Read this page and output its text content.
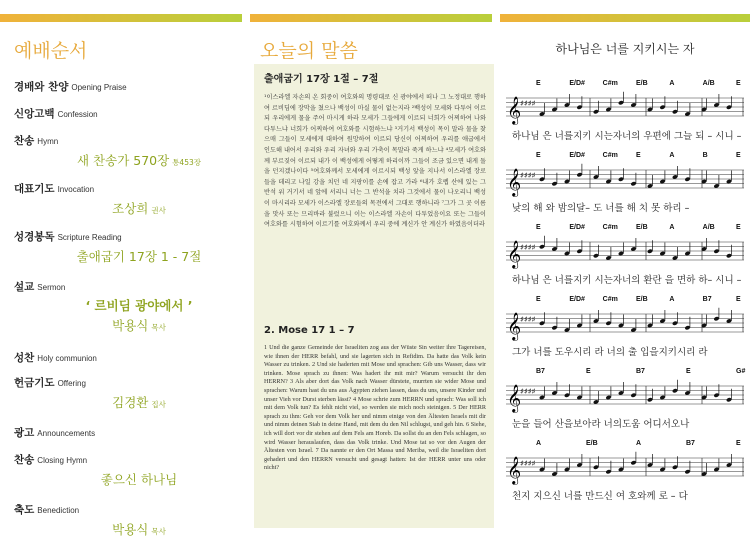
예배순서
경배와 찬양 Opening Praise
신앙고백 Confession
찬송 Hymn
새 찬송가 570장 통453장
대표기도 Invocation
조상희 권사
성경봉독 Scripture Reading
출애굽기 17장 1 - 7절
설교 Sermon
‘ 르비딤 광야에서 ’
박용식 목사
성찬 Holy communion
헌금기도 Offering
김경환 집사
광고 Announcements
찬송 Closing Hymn
좋으신 하나님
축도 Benediction
박용식 목사
오늘의 말씀
출애굽기 17장 1절 – 7절
¹이스라엘 자손의 온 회중이 여호와의 명령대로 신 광야에서 떠나 그 노정대로 행하여 르비딤에 장막을 쳤으나 백성이 마실 물이 없는지라 ²백성이 모세와 다투어 이르되 우리에게 물을 주어 마시게 하라 모세가 그들에게 이르되 너희가 어찌하여 나와 다투느냐 너희가 어찌하여 여호와를 시험하느냐 ³거기서 백성이 목이 말라 물을 찾으매 그들이 모세에게 대하여 원망하여 이르되 당신이 어찌하여 우리를 애굽에서 인도해 내어서 우리와 우리 자녀와 우리 가축이 목말라 죽게 하느냐 ⁴모세가 여호와께 부르짖어 이르되 내가 이 백성에게 어떻게 하리이까 그들이 조금 있으면 내게 돌을 던지겠나이다 ⁵여호와께서 모세에게 이르시되 백성 앞을 지나서 이스라엘 장로들을 데리고 나일 강을 치던 네 지팡이를 손에 잡고 가라 ⁶내가 호렙 산에 있는 그 반석 위 거기서 네 앞에 서리니 너는 그 반석을 치라 그것에서 물이 나오리니 백성이 마시리라 모세가 이스라엘 장로들의 목전에서 그대로 행하니라 ⁷그가 그 곳 이름을 맛사 또는 므리바라 불렀으니 이는 이스라엘 자손이 다투었음이요 또는 그들이 여호와를 시험하여 이르기를 여호와께서 우리 중에 계신가 안 계신가 하였음이더라
2. Mose 17 1 – 7
1 Und die ganze Gemeinde der Israeliten zog aus der Wüste Sin weiter ihre Tagereisen, wie ihnen der HERR befahl, und sie lagerten sich in Refidim. Da hatte das Volk kein Wasser zu trinken. 2 Und sie haderten mit Mose und sprachen: Gib uns Wasser, dass wir trinken. Mose sprach zu ihnen: Was hadert ihr mit mir? Warum versucht ihr den HERRN? 3 Als aber dort das Volk nach Wasser dürstete, murrten sie wider Mose und sprachen: Warum hast du uns aus Ägypten ziehen lassen, dass du uns, unsere Kinder und unser Vieh vor Durst sterben lässt? 4 Mose schrie zum HERRN und sprach: Was soll ich mit dem Volk tun? Es fehlt nicht viel, so werden sie mich noch steinigen. 5 Der HERR sprach zu ihm: Geh vor dem Volk her und nimm einige von den Ältesten Israels mit dir und nimm deinen Stab in deine Hand, mit dem du den Nil schlugst, und geh hin. 6 Siehe, ich will dort vor dir stehen auf dem Fels am Horeb. Da sollst du an den Fels schlagen, so wird Wasser herauslaufen, dass das Volk trinke. Und Mose tat so vor den Augen der Ältesten von Israel. 7 Da nannte er den Ort Massa und Meriba, weil die Israeliten dort gehadert und den HERRN versucht und gesagt hatten: Ist der HERR unter uns oder nicht?
하나님은 너를 지키시는 자
E	E/D#	C#m	E/B	A	A/B	E
𝄞
♯♯♯♯
하나님 은 너를지키 시는자너의 우편에 그늘 되 – 시니 –
E	E/D#	C#m	E	A	B	E
𝄞
♯♯♯♯
낮의 해 와 밤의달– 도 너를 해 치 못 하리 –
E	E/D#	C#m	E/B	A	A/B	E
𝄞
♯♯♯♯
하나님 은 너를지키 시는자너의 환란 을 면하 하– 시니 –
E	E/D#	C#m	E/B	A	B7	E
𝄞
♯♯♯♯
그가 너를 도우시리 라 너의 출 입을지키시리 라
B7	E	B7	E	G#
𝄞
♯♯♯♯
눈을 들어 산을보아라 너의도움 어디서오나
A	E/B	A	B7	E
𝄞
♯♯♯♯
천지 지으신 너를 만드신 여 호와께 로 – 다
